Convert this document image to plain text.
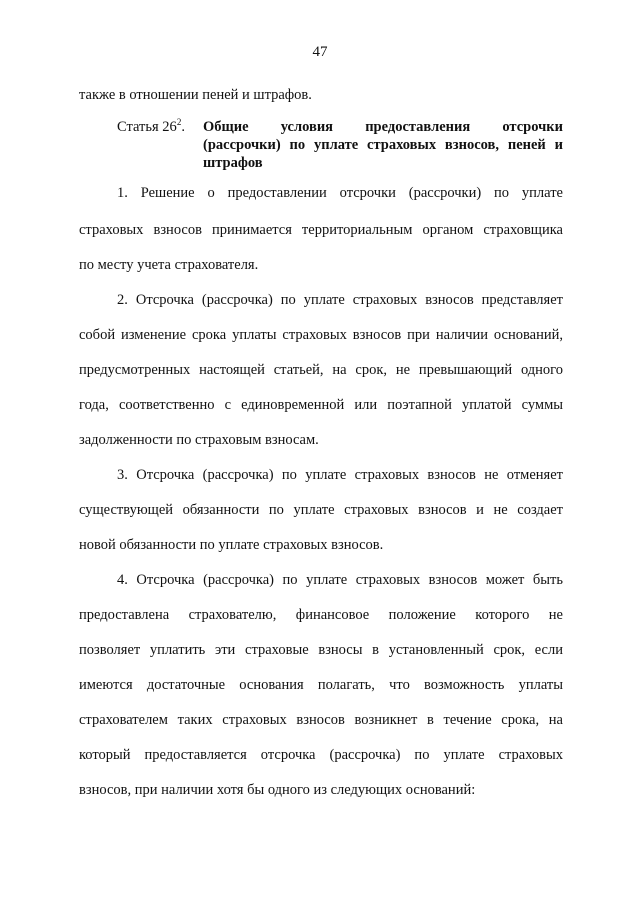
47
также в отношении пеней и штрафов.
Статья $26^2$. Общие условия предоставления отсрочки
(рассрочки) по уплате страховых взносов, пеней и
штрафов
1. Решение о предоставлении отсрочки (рассрочки) по уплате
страховых взносов принимается территориальным органом страховщика
по месту учета страхователя.
2. Отсрочка (рассрочка) по уплате страховых взносов представляет
собой изменение срока уплаты страховых взносов при наличии оснований,
предусмотренных настоящей статьей, на срок, не превышающий одного
года, соответственно с единовременной или поэтапной уплатой суммы
задолженности по страховым взносам.
3. Отсрочка (рассрочка) по уплате страховых взносов не отменяет
существующей обязанности по уплате страховых взносов и не создает
новой обязанности по уплате страховых взносов.
4. Отсрочка (рассрочка) по уплате страховых взносов может быть
предоставлена страхователю, финансовое положение которого не
позволяет уплатить эти страховые взносы в установленный срок, если
имеются достаточные основания полагать, что возможность уплаты
страхователем таких страховых взносов возникнет в течение срока, на
который предоставляется отсрочка (рассрочка) по уплате страховых
взносов, при наличии хотя бы одного из следующих оснований:
